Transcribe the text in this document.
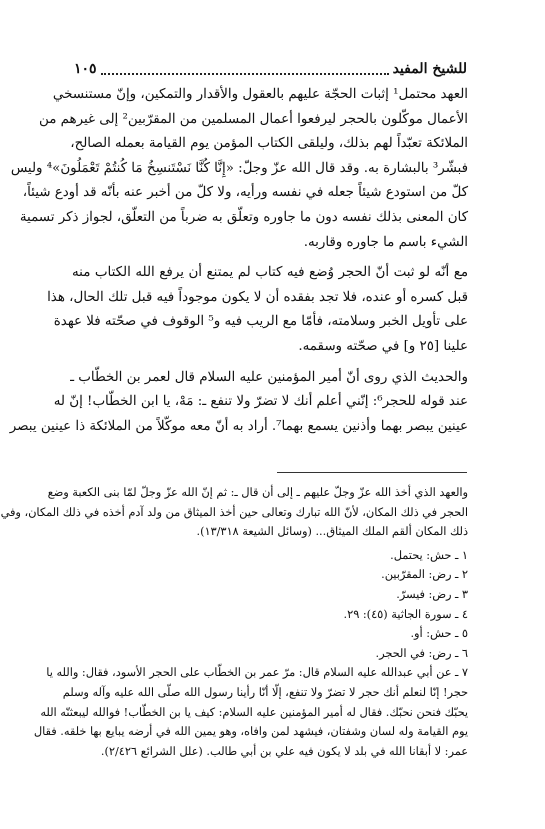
للشيخ المفيد
١٠٥

العهد محتمل¹ إثبات الحجّة عليهم بالعقول والأقدار والتمكين، وإنّ مستنسخي
الأعمال موكّلون بالحجر ليرفعوا أعمال المسلمين من المقرّبين² إلى غيرهم من
الملائكة تعبّداً لهم بذلك، وليلقى الكتاب المؤمن يوم القيامة بعمله الصالح،
فبشّر³ بالبشارة به. وقد قال الله عزّ وجلّ: «إِنَّا كُنَّا نَسْتَنسِخُ مَا كُنتُمْ تَعْمَلُونَ»⁴ وليس
كلّ من استودع شيئاً جعله في نفسه ورأيه، ولا كلّ من أخبر عنه بأنّه قد أودع شيئاً،
كان المعنى بذلك نفسه دون ما جاوره وتعلّق به ضرباً من التعلّق، لجواز ذكر تسمية
الشيء باسم ما جاوره وقاربه.

مع أنّه لو ثبت أنّ الحجر وُضع فيه كتاب لم يمتنع أن يرفع الله الكتاب منه
قبل كسره أو عنده، فلا تجد بفقده أن لا يكون موجوداً فيه قبل تلك الحال، هذا
على تأويل الخبر وسلامته، فأمّا مع الريب فيه و⁵ الوقوف في صحّته فلا عهدة
علينا [٢٥ و] في صحّته وسقمه.

والحديث الذي روى أنّ أمير المؤمنين عليه السلام قال لعمر بن الخطّاب ـ
عند قوله للحجر⁶: إنّني أعلم أنك لا تضرّ ولا تنفع ـ: مَهْ، يا ابن الخطّاب! إنّ له
عينين يبصر بهما وأذنين يسمع بهما⁷. أراد به أنّ معه موكّلاً من الملائكة ذا عينين يبصر

والعهد الذي أخذ الله عزّ وجلّ عليهم ـ إلى أن قال ـ: ثم إنّ الله عزّ وجلّ لمّا بنى الكعبة وضع
الحجر في ذلك المكان، لأنّ الله تبارك وتعالى حين أخذ الميثاق من ولد آدم أخذه في ذلك المكان، وفي
ذلك المكان ألقم الملك الميثاق... (وسائل الشيعة ١٣/٣١٨).
١ ـ حش: يحتمل.
٢ ـ رض: المقرّبين.
٣ ـ رض: فيسرّ.
٤ ـ سورة الجاثية (٤٥): ٢٩.
٥ ـ حش: أو.
٦ ـ رض: في الحجر.
٧ ـ عن أبي عبدالله عليه السلام قال: مرّ عمر بن الخطّاب على الحجر الأسود، فقال: والله يا
حجر! إنّا لنعلم أنك حجر لا تضرّ ولا تنفع، إلّا أنّا رأينا رسول الله صلّى الله عليه وآله وسلم
يحبّك فنحن نحبّك. فقال له أمير المؤمنين عليه السلام: كيف يا بن الخطّاب! فوالله ليبعثنّه الله
يوم القيامة وله لسان وشفتان، فيشهد لمن وافاه، وهو يمين الله في أرضه يبايع بها خلقه. فقال
عمر: لا أبقانا الله في بلد لا يكون فيه علي بن أبي طالب. (علل الشرائع ٢/٤٢٦).
